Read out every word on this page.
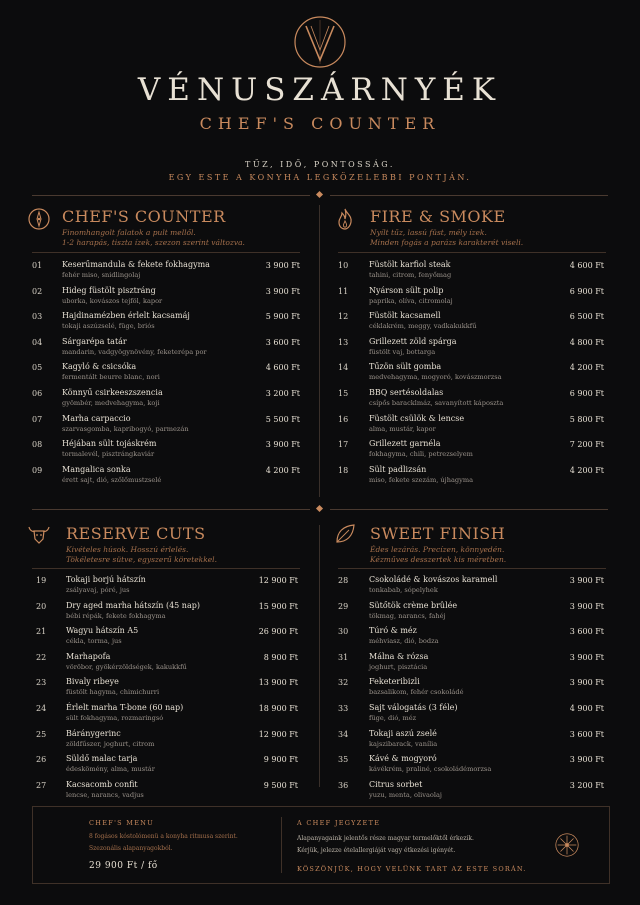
VÉNUSZÁRNYÉK
CHEF'S COUNTER
TŰZ, IDŐ, PONTOSSÁG.
EGY ESTE A KONYHA LEGKÖZELEBBI PONTJÁN.
CHEF'S COUNTER
Finomhangolt falatok a pult mellől.
1-2 harapás, tiszta ízek, szezon szerint változva.
01 Keserűmandula & fekete fokhagyma
fehér miso, snidlingolaj
3 900 Ft
02 Hideg füstölt pisztráng
uborka, kovászos tejföl, kapor
3 900 Ft
03 Hajdinamézben érlelt kacsamáj
tokaji aszúzselé, füge, briós
5 900 Ft
04 Sárgarépa tatár
mandarin, vadgyögynövény, feketerépa por
3 600 Ft
05 Kagyló & csicsóka
fermentált beurre blanc, nori
4 600 Ft
06 Könnyű csirkeeszszencia
gyömbér, medvehagyma, koji
3 200 Ft
07 Marha carpaccio
szarvasgomba, kapribogyó, parmezán
5 500 Ft
08 Héjában sült tojáskrém
tormalevél, pisztrángkaviár
3 900 Ft
09 Mangalica sonka
érett sajt, dió, szőlőmustzselé
4 200 Ft
FIRE & SMOKE
Nyílt tűz, lassú füst, mély ízek.
Minden fogás a parázs karakterét viseli.
10	Füstölt karfiol steak
tahini, citrom, fenyőmag
4 600 Ft
11	Nyárson sült polip
paprika, olíva, citromolaj
6 900 Ft
12	Füstölt kacsamell
céklakrém, meggy, vadkakukkfű
6 500 Ft
13	Grillezett zöld spárga
füstölt vaj, bottarga
4 800 Ft
14	Tűzön sült gomba
medvehagyma, mogyoró, kovászmorzsa
4 200 Ft
15	BBQ sertésoldalas
csípős baracklmáz, savanyított káposzta
6 900 Ft
16	Füstölt csülök & lencse
alma, mustár, kapor
5 800 Ft
17	Grillezett garnéla
fokhagyma, chili, petrezselyem
7 200 Ft
18	Sült padlizsán
miso, fekete szezám, újhagyma
4 200 Ft
RESERVE CUTS
Kivételes húsok. Hosszú érlelés.
Tökéletesre sütve, egyszerű köretekkel.
19 Tokaji borjú hátszín
zsályavaj, póré, jus
12 900 Ft
20 Dry aged marha hátszín (45 nap)
bébi répák, fekete fokhagyma
15 900 Ft
21 Wagyu hátszín A5
cékla, torma, jus
26 900 Ft
22 Marhapofa
vöröbor, gyökérzöldségek, kakukkfű
8 900 Ft
23 Bivaly ribeye
füstölt hagyma, chimichurri
13 900 Ft
24 Érlelt marha T-bone (60 nap)
sült fokhagyma, rozmaringsó
18 900 Ft
25 Báránygerinc
zöldfűszer, joghurt, citrom
12 900 Ft
26 Süldő malac tarja
édeskömény, alma, mustár
9 900 Ft
27 Kacsacomb confit
lencse, narancs, vadjus
9 500 Ft
SWEET FINISH
Édes lezárás. Precízen, könnyedén.
Kézműves desszertek kis méretben.
28	Csokoládé & kovászos karamell
tonkabab, sópelyhek
3 900 Ft
29	Sütőtök crème brûlée
tökmag, narancs, fahéj
3 900 Ft
30	Túró & méz
méhviasz, dió, bodza
3 600 Ft
31	Málna & rózsa
joghurt, pisztácia
3 900 Ft
32	Feketeribizli
bazsalikom, fehér csokoládé
3 900 Ft
33	Sajt válogatás (3 féle)
füge, dió, méz
4 900 Ft
34	Tokaji aszú zselé
kajszibarack, vanília
3 600 Ft
35	Kávé & mogyoró
kávékrém, praliné, csokoládémorzsa
3 900 Ft
36	Citrus sorbet
yuzu, menta, olivaolaj
3 200 Ft
CHEF'S MENU
8 fogásos kóstolómenü a konyha ritmusa szerint.
Szezonális alapanyagokból.
29 900 Ft / fő
A CHEF JEGYZETE
Alapanyagaink jelentős része magyar termelőktől érkezik.
Kérjük, jelezze ételallergiáját vagy étkezési igényét.
KÖSZÖNJÜK, HOGY VELÜNK TART AZ ESTE SORÁN.
